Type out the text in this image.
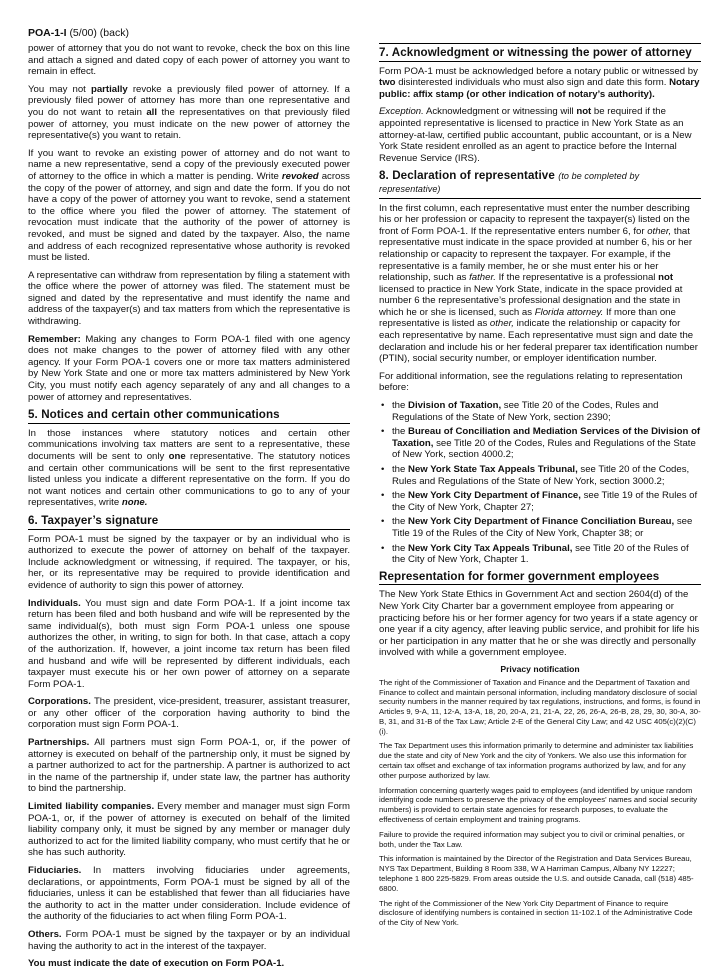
POA-1-I (5/00) (back)

power of attorney that you do not want to revoke, check the box on this line and attach a signed and dated copy of each power of attorney you want to remain in effect.

You may not partially revoke a previously filed power of attorney. If a previously filed power of attorney has more than one representative and you do not want to retain all the representatives on that previously filed power of attorney, you must indicate on the new power of attorney the representative(s) you want to retain.

If you want to revoke an existing power of attorney and do not want to name a new representative, send a copy of the previously executed power of attorney to the office in which a matter is pending. Write revoked across the copy of the power of attorney, and sign and date the form. If you do not have a copy of the power of attorney you want to revoke, send a statement to the office where you filed the power of attorney. The statement of revocation must indicate that the authority of the power of attorney is revoked, and must be signed and dated by the taxpayer. Also, the name and address of each recognized representative whose authority is revoked must be listed.

A representative can withdraw from representation by filing a statement with the office where the power of attorney was filed. The statement must be signed and dated by the representative and must identify the name and address of the taxpayer(s) and tax matters from which the representative is withdrawing.

Remember: Making any changes to Form POA-1 filed with one agency does not make changes to the power of attorney filed with any other agency. If your Form POA-1 covers one or more tax matters administered by New York State and one or more tax matters administered by New York City, you must notify each agency separately of any and all changes to a power of attorney and representatives.

5. Notices and certain other communications

In those instances where statutory notices and certain other communications involving tax matters are sent to a representative, these documents will be sent to only one representative. The statutory notices and certain other communications will be sent to the first representative listed unless you indicate a different representative on the form. If you do not want notices and certain other communications to go to any of your representatives, write none.

6. Taxpayer’s signature

Form POA-1 must be signed by the taxpayer or by an individual who is authorized to execute the power of attorney on behalf of the taxpayer. Include acknowledgment or witnessing, if required. The taxpayer, or his, her, or its representative may be required to provide identification and evidence of authority to sign this power of attorney.

Individuals. You must sign and date Form POA-1. If a joint income tax return has been filed and both husband and wife will be represented by the same individual(s), both must sign Form POA-1 unless one spouse authorizes the other, in writing, to sign for both. In that case, attach a copy of the authorization. If, however, a joint income tax return has been filed and husband and wife will be represented by different individuals, each taxpayer must execute his or her own power of attorney on a separate Form POA-1.

Corporations. The president, vice-president, treasurer, assistant treasurer, or any other officer of the corporation having authority to bind the corporation must sign Form POA-1.

Partnerships. All partners must sign Form POA-1, or, if the power of attorney is executed on behalf of the partnership only, it must be signed by a partner authorized to act for the partnership. A partner is authorized to act in the name of the partnership if, under state law, the partner has authority to bind the partnership.

Limited liability companies. Every member and manager must sign Form POA-1, or, if the power of attorney is executed on behalf of the limited liability company only, it must be signed by any member or manager duly authorized to act for the limited liability company, who must certify that he or she has such authority.

Fiduciaries. In matters involving fiduciaries under agreements, declarations, or appointments, Form POA-1 must be signed by all of the fiduciaries, unless it can be established that fewer than all fiduciaries have the authority to act in the matter under consideration. Include evidence of the authority of the fiduciaries to act when filing Form POA-1.

Others. Form POA-1 must be signed by the taxpayer or by an individual having the authority to act in the interest of the taxpayer.

You must indicate the date of execution on Form POA-1.

7. Acknowledgment or witnessing the power of attorney

Form POA-1 must be acknowledged before a notary public or witnessed by two disinterested individuals who must also sign and date this form. Notary public: affix stamp (or other indication of notary’s authority).

Exception. Acknowledgment or witnessing will not be required if the appointed representative is licensed to practice in New York State as an attorney-at-law, certified public accountant, public accountant, or is a New York State resident enrolled as an agent to practice before the Internal Revenue Service (IRS).

8. Declaration of representative (to be completed by representative)

In the first column, each representative must enter the number describing his or her profession or capacity to represent the taxpayer(s) listed on the front of Form POA-1. If the representative enters number 6, for other, that representative must indicate in the space provided at number 6, his or her relationship or capacity to represent the taxpayer. For example, if the representative is a family member, he or she must enter his or her relationship, such as father. If the representative is a professional not licensed to practice in New York State, indicate in the space provided at number 6 the representative’s professional designation and the state in which he or she is licensed, such as Florida attorney. If more than one representative is listed as other, indicate the relationship or capacity for each representative by name. Each representative must sign and date the declaration and include his or her federal preparer tax identification number (PTIN), social security number, or employer identification number.

For additional information, see the regulations relating to representation before:

• the Division of Taxation, see Title 20 of the Codes, Rules and Regulations of the State of New York, section 2390;
• the Bureau of Conciliation and Mediation Services of the Division of Taxation, see Title 20 of the Codes, Rules and Regulations of the State of New York, section 4000.2;
• the New York State Tax Appeals Tribunal, see Title 20 of the Codes, Rules and Regulations of the State of New York, section 3000.2;
• the New York City Department of Finance, see Title 19 of the Rules of the City of New York, Chapter 27;
• the New York City Department of Finance Conciliation Bureau, see Title 19 of the Rules of the City of New York, Chapter 38; or
• the New York City Tax Appeals Tribunal, see Title 20 of the Rules of the City of New York, Chapter 1.
Representation for former government employees

The New York State Ethics in Government Act and section 2604(d) of the New York City Charter bar a government employee from appearing or practicing before his or her former agency for two years if a state agency or one year if a city agency, after leaving public service, and prohibit for life his or her participation in any matter that he or she was directly and personally involved with while a government employee.

Privacy notification

The right of the Commissioner of Taxation and Finance and the Department of Taxation and Finance to collect and maintain personal information, including mandatory disclosure of social security numbers in the manner required by tax regulations, instructions, and forms, is found in Articles 9, 9-A, 11, 12-A, 13-A, 18, 20, 20-A, 21, 21-A, 22, 26, 26-A, 26-B, 28, 29, 30, 30-A, 30-B, 31, and 31-B of the Tax Law; Article 2-E of the General City Law; and 42 USC 405(c)(2)(C)(i).

The Tax Department uses this information primarily to determine and administer tax liabilities due the state and city of New York and the city of Yonkers. We also use this information for certain tax offset and exchange of tax information programs authorized by law, and for any other purpose authorized by law.

Information concerning quarterly wages paid to employees (and identified by unique random identifying code numbers to preserve the privacy of the employees’ names and social security numbers) is provided to certain state agencies for research purposes, to evaluate the effectiveness of certain employment and training programs.

Failure to provide the required information may subject you to civil or criminal penalties, or both, under the Tax Law.

This information is maintained by the Director of the Registration and Data Services Bureau, NYS Tax Department, Building 8 Room 338, W A Harriman Campus, Albany NY 12227; telephone 1 800 225-5829. From areas outside the U.S. and outside Canada, call (518) 485-6800.

The right of the Commissioner of the New York City Department of Finance to require disclosure of identifying numbers is contained in section 11-102.1 of the Administrative Code of the City of New York.
